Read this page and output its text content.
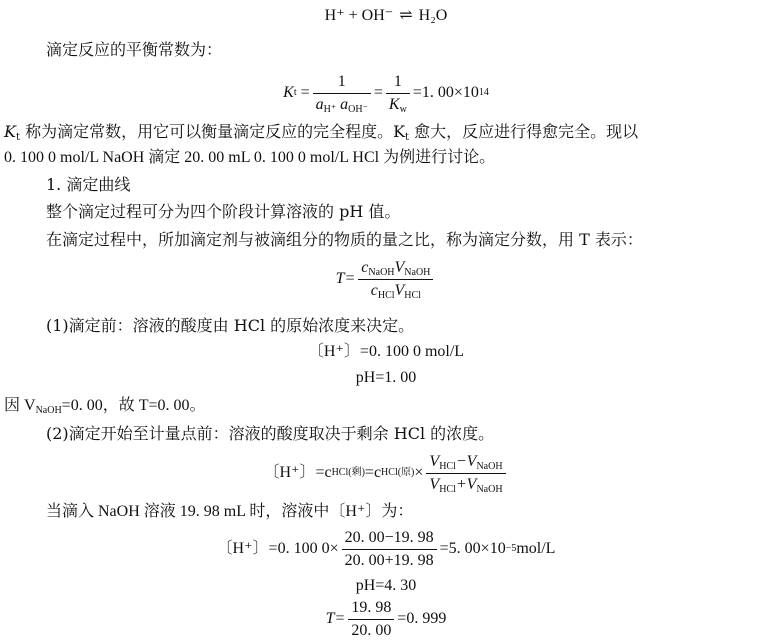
H⁺ + OH⁻ ⇌ H₂O
滴定反应的平衡常数为：
K $t = \frac{1}{a_{H^+} a_{OH^-}} = \frac{1}{K_w} =1$. 00×10 14
$K_t$ 称为滴定常数，用它可以衡量滴定反应的完全程度。$K_t$ 愈大，反应进行得愈完全。现以
0. 100 0 mol/L NaOH 滴定 20. 00 mL 0. 100 0 mol/L HCl 为例进行讨论。
1. 滴定曲线
整个滴定过程可分为四个阶段计算溶液的 pH 值。
在滴定过程中，所加滴定剂与被滴组分的物质的量之比，称为滴定分数，用 T 表示：
$T= \frac{c_{NaOH}V_{NaOH}}{c_{HCl}V_{HCl}}$
(1)滴定前：溶液的酸度由 HCl 的原始浓度来决定。
〔H⁺〕=0. 100 0 mol/L
pH=1. 00
因 $V_{NaOH}=0$. 00，故 T=0. 00。
(2)滴定开始至计量点前：溶液的酸度取决于剩余 HCl 的浓度。
〔H⁺〕=c HCl(剩) =c HCl(原) × $\frac{V_{HCl}-V_{NaOH}}{V_{HCl}+V_{NaOH}}$
当滴入 NaOH 溶液 19. 98 mL 时，溶液中〔H⁺〕为：
〔H⁺〕=0. 100 $0\times \frac{20. 00-19. 98}{20. 00+19. 98} =5$. 00×10 −5 mol/L
pH=4. 30
$T= \frac{19. 98}{20. 00} =0$. 999
